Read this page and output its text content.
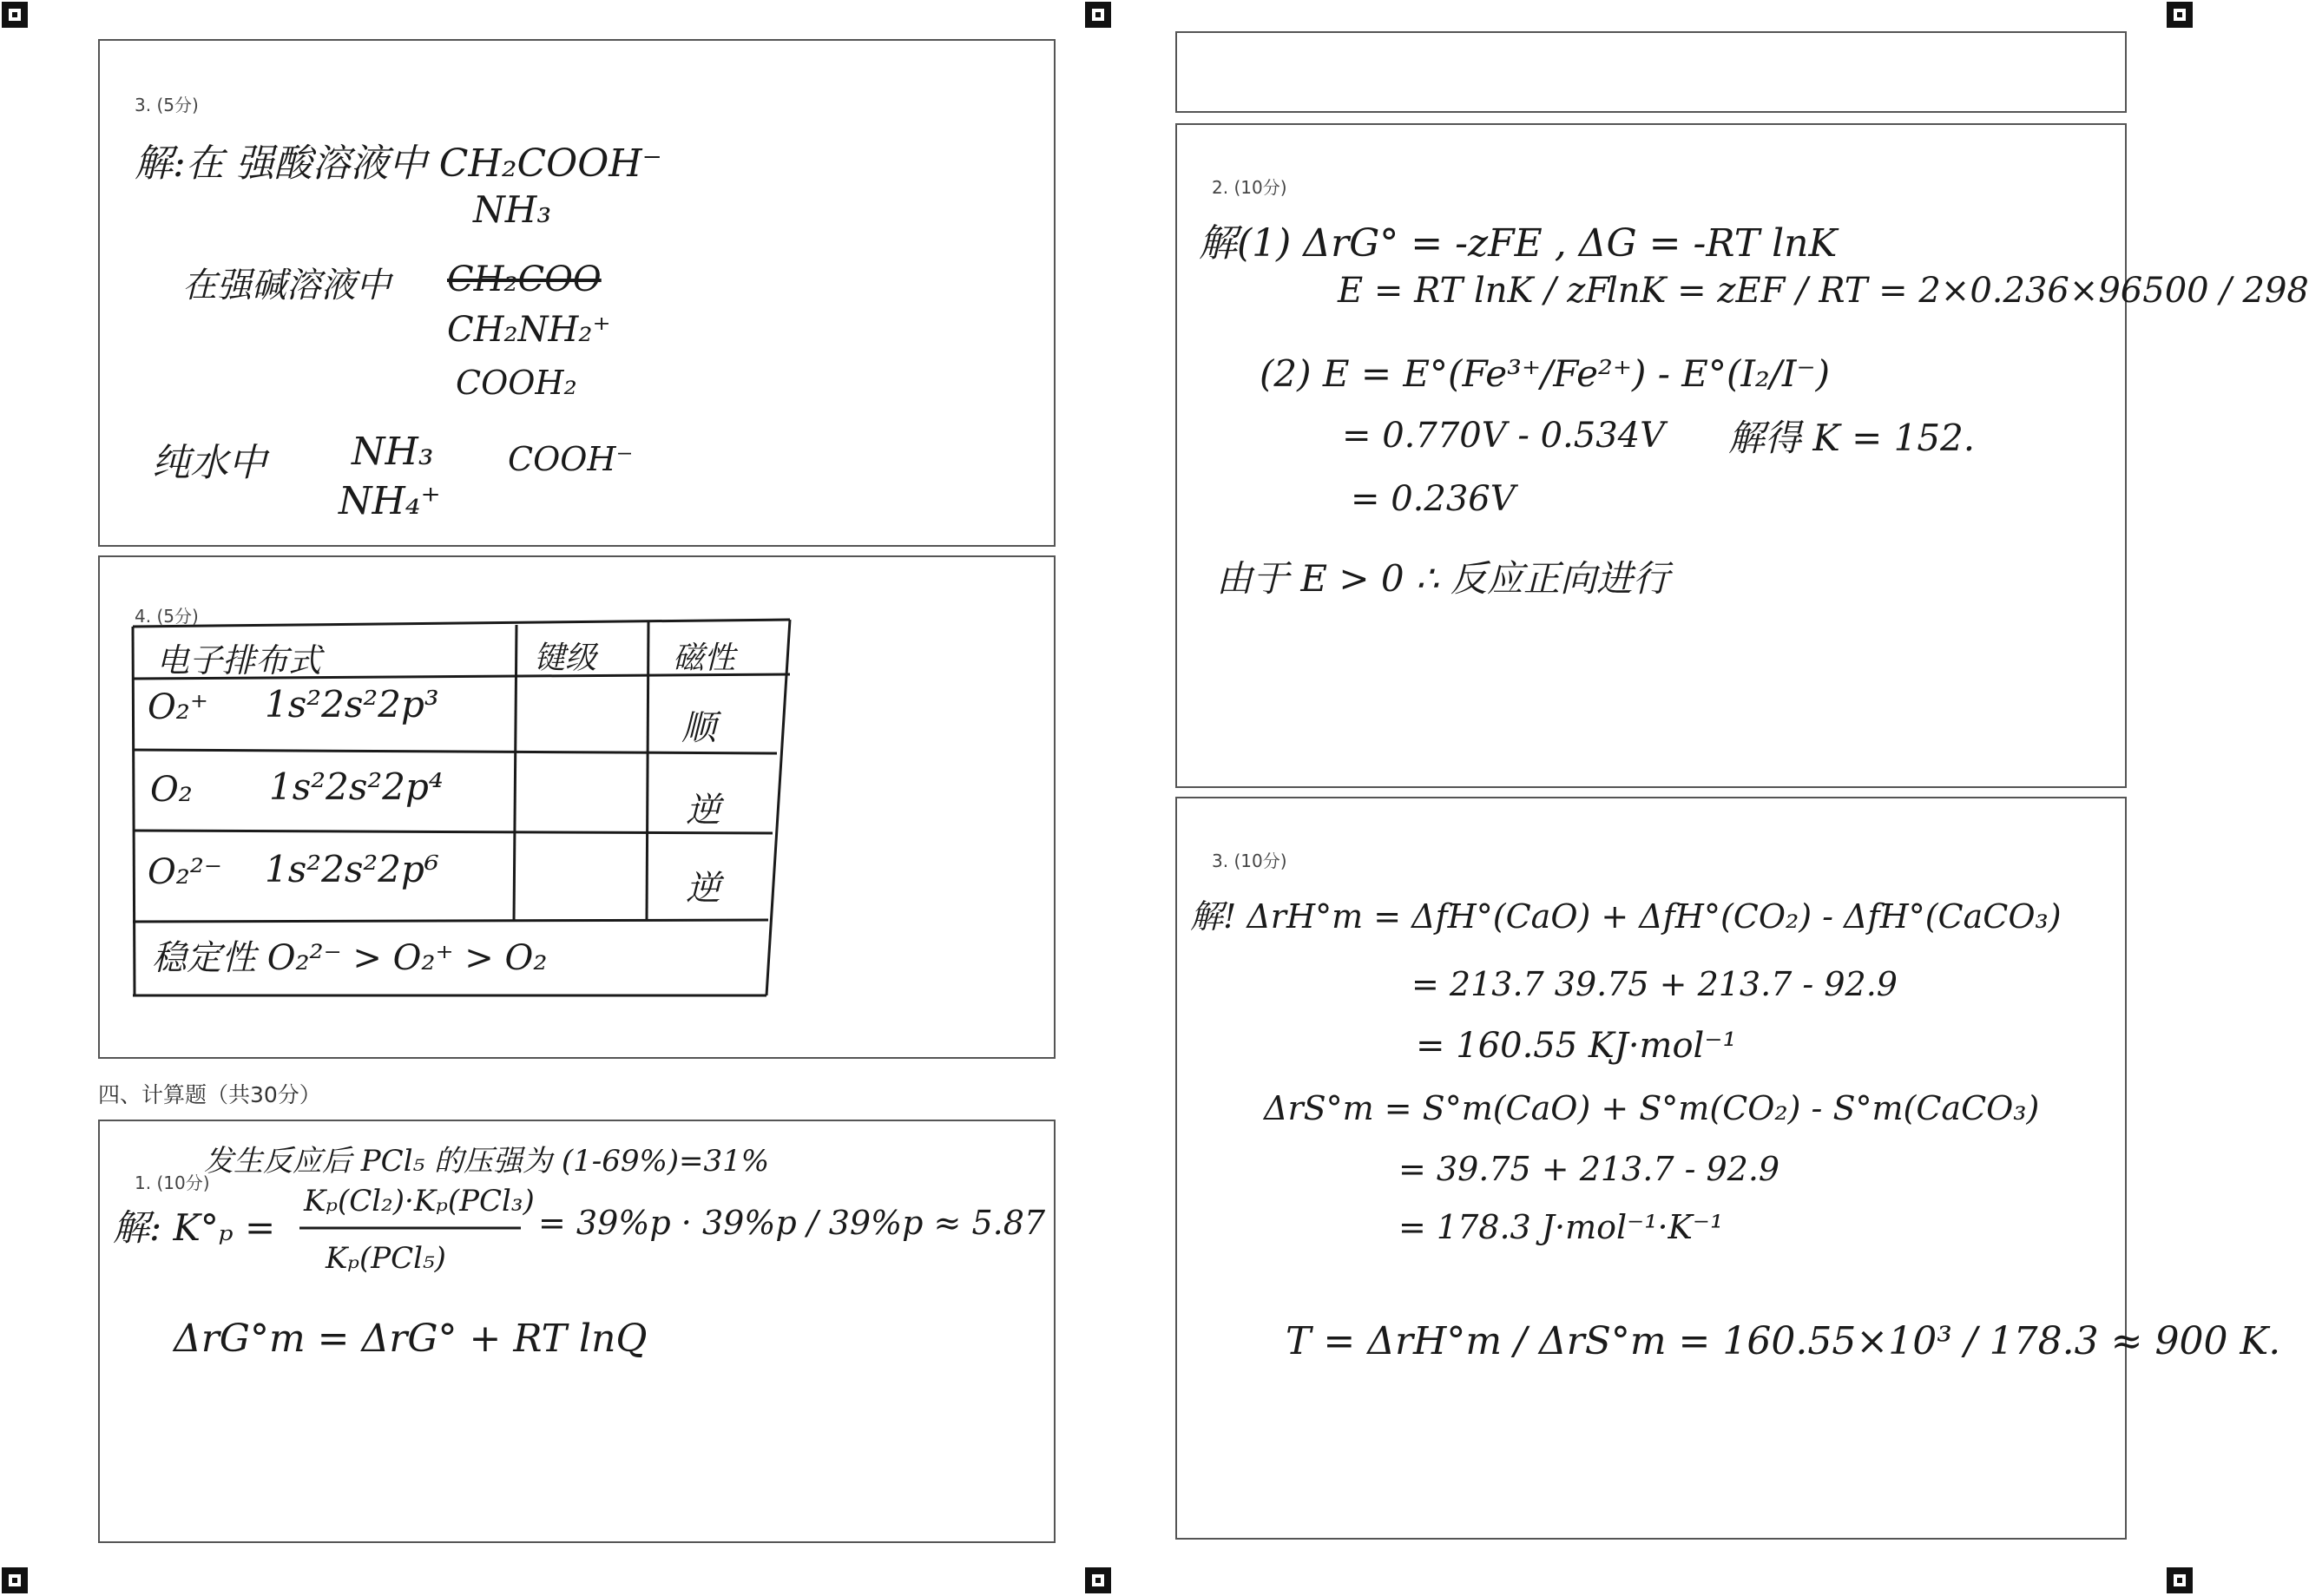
3. (5分)
解:在 强酸溶液中 CH₂COOH⁻
NH₃
在强碱溶液中 CH₂COO
CH₂NH₂⁺
COOH₂
纯水中 NH₃ COOH⁻
NH₄⁺
4. (5分)
电子排布式	键级 磁性
O₂⁺ 1s²2s²2p³
顺
O₂ 1s²2s²2p⁴
逆
O₂²⁻ 1s²2s²2p⁶	逆
稳定性 O₂²⁻ > O₂⁺ > O₂
四、计算题（共30分）
发生反应后 PCl₅ 的压强为 (1-69%)=31%
1. (10分)
解: K°ₚ =
Kₚ(Cl₂)·Kₚ(PCl₃)
Kₚ(PCl₅)
= 39%p · 39%p / 39%p ≈ 5.87
ΔrG°m = ΔrG° + RT lnQ
2. (10分)
解(1) ΔrG° = -zFE , ΔG = -RT lnK
E = RT lnK / zF
lnK = zEF / RT = 2×0.236×96500 / 298
(2) E = E°(Fe³⁺/Fe²⁺) - E°(I₂/I⁻)
= 0.770V - 0.534V 解得 K = 152.
= 0.236V
由于 E > 0 ∴ 反应正向进行
3. (10分)
解! ΔrH°m = ΔfH°(CaO) + ΔfH°(CO₂) - ΔfH°(CaCO₃)
= 213.7 39.75 + 213.7 - 92.9
= 160.55 KJ·mol⁻¹
ΔrS°m = S°m(CaO) + S°m(CO₂) - S°m(CaCO₃)
= 39.75 + 213.7 - 92.9
= 178.3 J·mol⁻¹·K⁻¹
T = ΔrH°m / ΔrS°m = 160.55×10³ / 178.3 ≈ 900 K.
